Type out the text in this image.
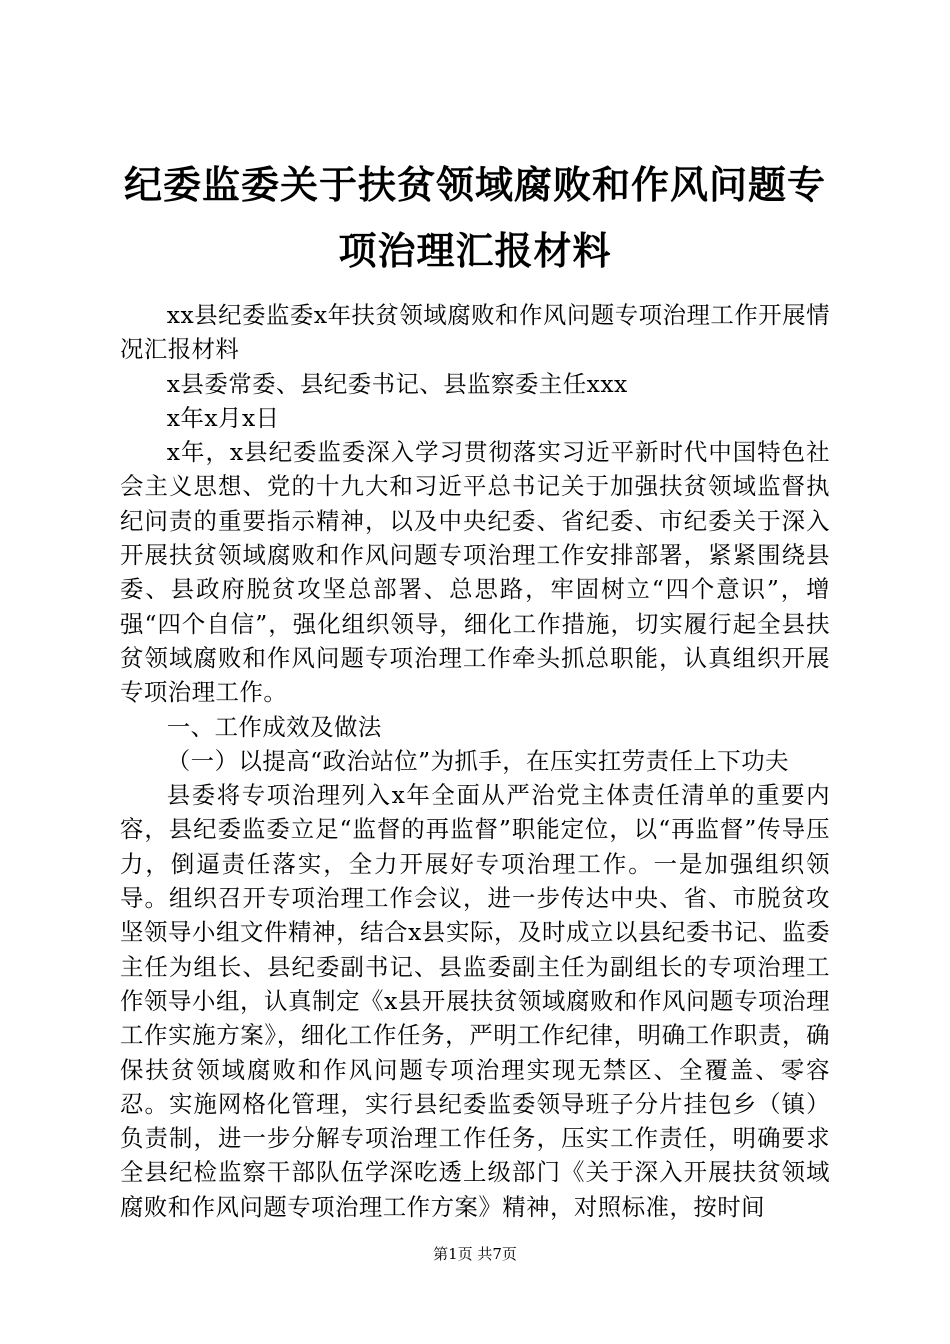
纪委监委关于扶贫领域腐败和作风问题专项治理汇报材料

xx县纪委监委x年扶贫领域腐败和作风问题专项治理工作开展情况汇报材料

x县委常委、县纪委书记、县监察委主任xxx

x年x月x日

x年，x县纪委监委深入学习贯彻落实习近平新时代中国特色社会主义思想、党的十九大和习近平总书记关于加强扶贫领域监督执纪问责的重要指示精神，以及中央纪委、省纪委、市纪委关于深入开展扶贫领域腐败和作风问题专项治理工作安排部署，紧紧围绕县委、县政府脱贫攻坚总部署、总思路，牢固树立“四个意识”，增强“四个自信”，强化组织领导，细化工作措施，切实履行起全县扶贫领域腐败和作风问题专项治理工作牵头抓总职能，认真组织开展专项治理工作。

一、工作成效及做法

（一）以提高“政治站位”为抓手，在压实扛劳责任上下功夫

县委将专项治理列入x年全面从严治党主体责任清单的重要内容，县纪委监委立足“监督的再监督”职能定位，以“再监督”传导压力，倒逼责任落实，全力开展好专项治理工作。一是加强组织领导。组织召开专项治理工作会议，进一步传达中央、省、市脱贫攻坚领导小组文件精神，结合x县实际，及时成立以县纪委书记、监委主任为组长、县纪委副书记、县监委副主任为副组长的专项治理工作领导小组，认真制定《x县开展扶贫领域腐败和作风问题专项治理工作实施方案》，细化工作任务，严明工作纪律，明确工作职责，确保扶贫领域腐败和作风问题专项治理实现无禁区、全覆盖、零容忍。实施网格化管理，实行县纪委监委领导班子分片挂包乡（镇）负责制，进一步分解专项治理工作任务，压实工作责任，明确要求全县纪检监察干部队伍学深吃透上级部门《关于深入开展扶贫领域腐败和作风问题专项治理工作方案》精神，对照标准，按时间

第1页 共7页
